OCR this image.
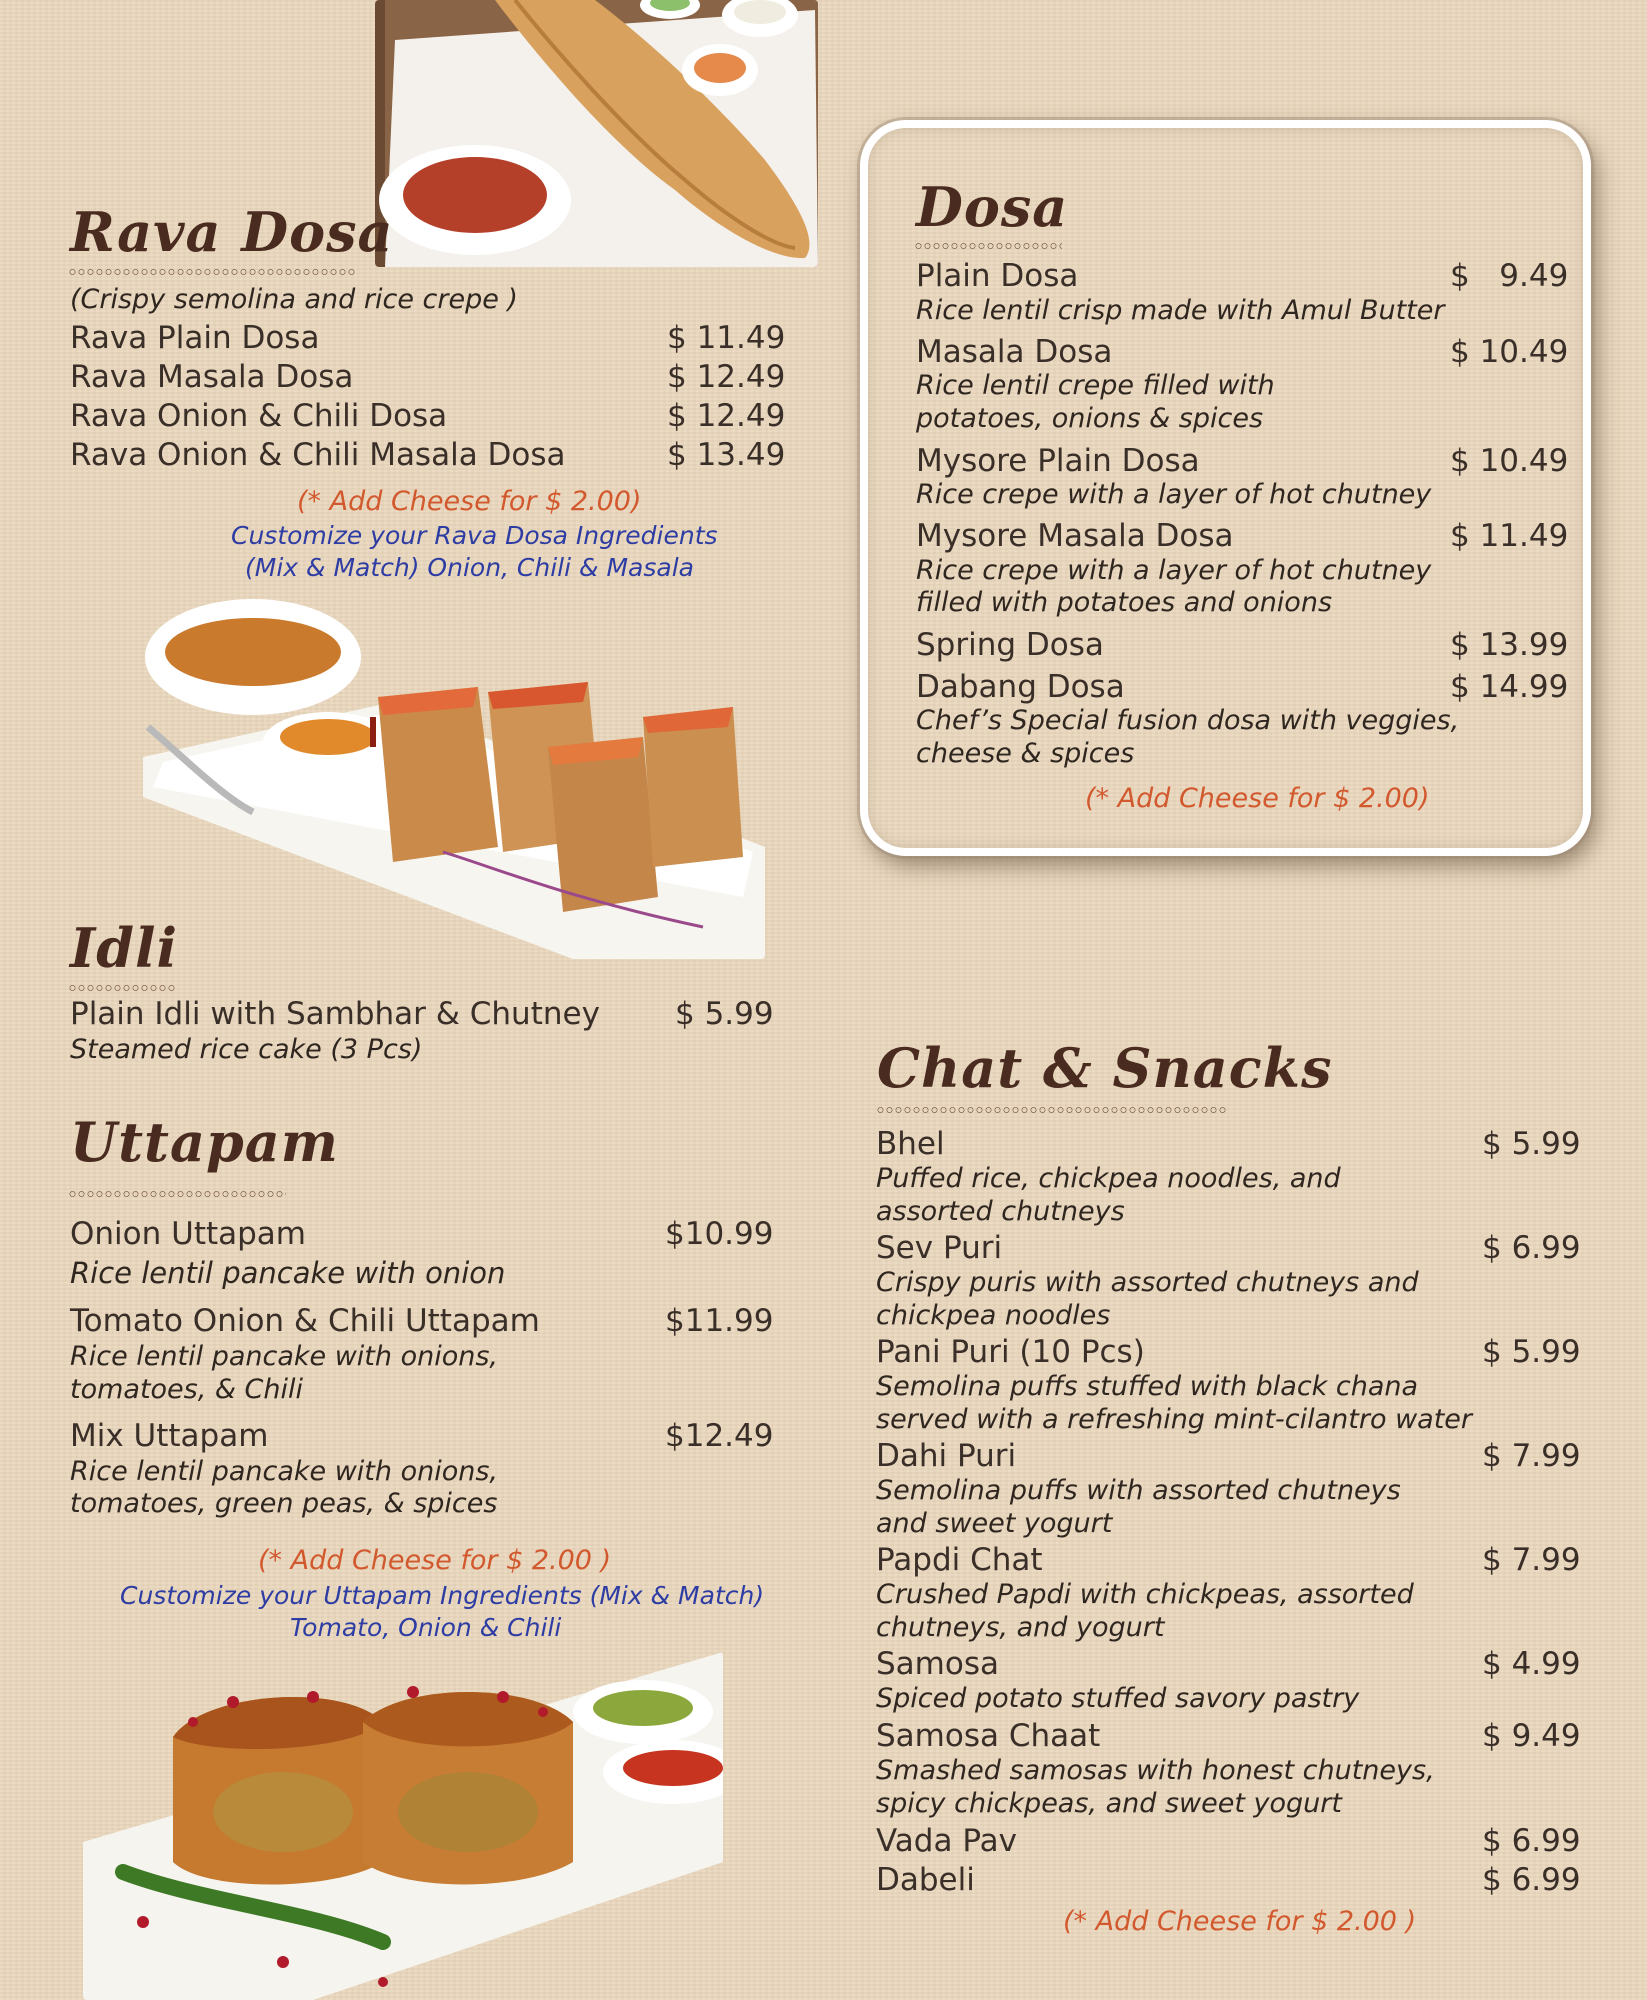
Rava Dosa
(Crispy semolina and rice crepe )
Rava Plain Dosa	$ 11.49
Rava Masala Dosa	$ 12.49
Rava Onion & Chili Dosa	$ 12.49
Rava Onion & Chili Masala Dosa	$ 13.49
(* Add Cheese for $ 2.00)
Customize your Rava Dosa Ingredients
(Mix & Match) Onion, Chili & Masala
Idli
Plain Idli with Sambhar & Chutney $ 5.99
Steamed rice cake (3 Pcs)
Uttapam
Onion Uttapam	$10.99
Rice lentil pancake with onion
Tomato Onion & Chili Uttapam	$11.99
Rice lentil pancake with onions,
tomatoes, & Chili
Mix Uttapam	$12.49
Rice lentil pancake with onions,
tomatoes, green peas, & spices
(* Add Cheese for $ 2.00 )
Customize your Uttapam Ingredients (Mix & Match)
Tomato, Onion & Chili
Dosa
Plain Dosa	$   9.49
Rice lentil crisp made with Amul Butter
Masala Dosa	$ 10.49
Rice lentil crepe filled with
potatoes, onions & spices
Mysore Plain Dosa	$ 10.49
Rice crepe with a layer of hot chutney
Mysore Masala Dosa	$ 11.49
Rice crepe with a layer of hot chutney
filled with potatoes and onions
Spring Dosa	$ 13.99
Dabang Dosa	$ 14.99
Chef’s Special fusion dosa with veggies,
cheese & spices
(* Add Cheese for $ 2.00)
Chat & Snacks
Bhel	$ 5.99
Puffed rice, chickpea noodles, and
assorted chutneys
Sev Puri	$ 6.99
Crispy puris with assorted chutneys and
chickpea noodles
Pani Puri (10 Pcs)	$ 5.99
Semolina puffs stuffed with black chana
served with a refreshing mint-cilantro water
Dahi Puri	$ 7.99
Semolina puffs with assorted chutneys
and sweet yogurt
Papdi Chat	$ 7.99
Crushed Papdi with chickpeas, assorted
chutneys, and yogurt
Samosa	$ 4.99
Spiced potato stuffed savory pastry
Samosa Chaat	$ 9.49
Smashed samosas with honest chutneys,
spicy chickpeas, and sweet yogurt
Vada Pav	$ 6.99
Dabeli	$ 6.99
(* Add Cheese for $ 2.00 )
